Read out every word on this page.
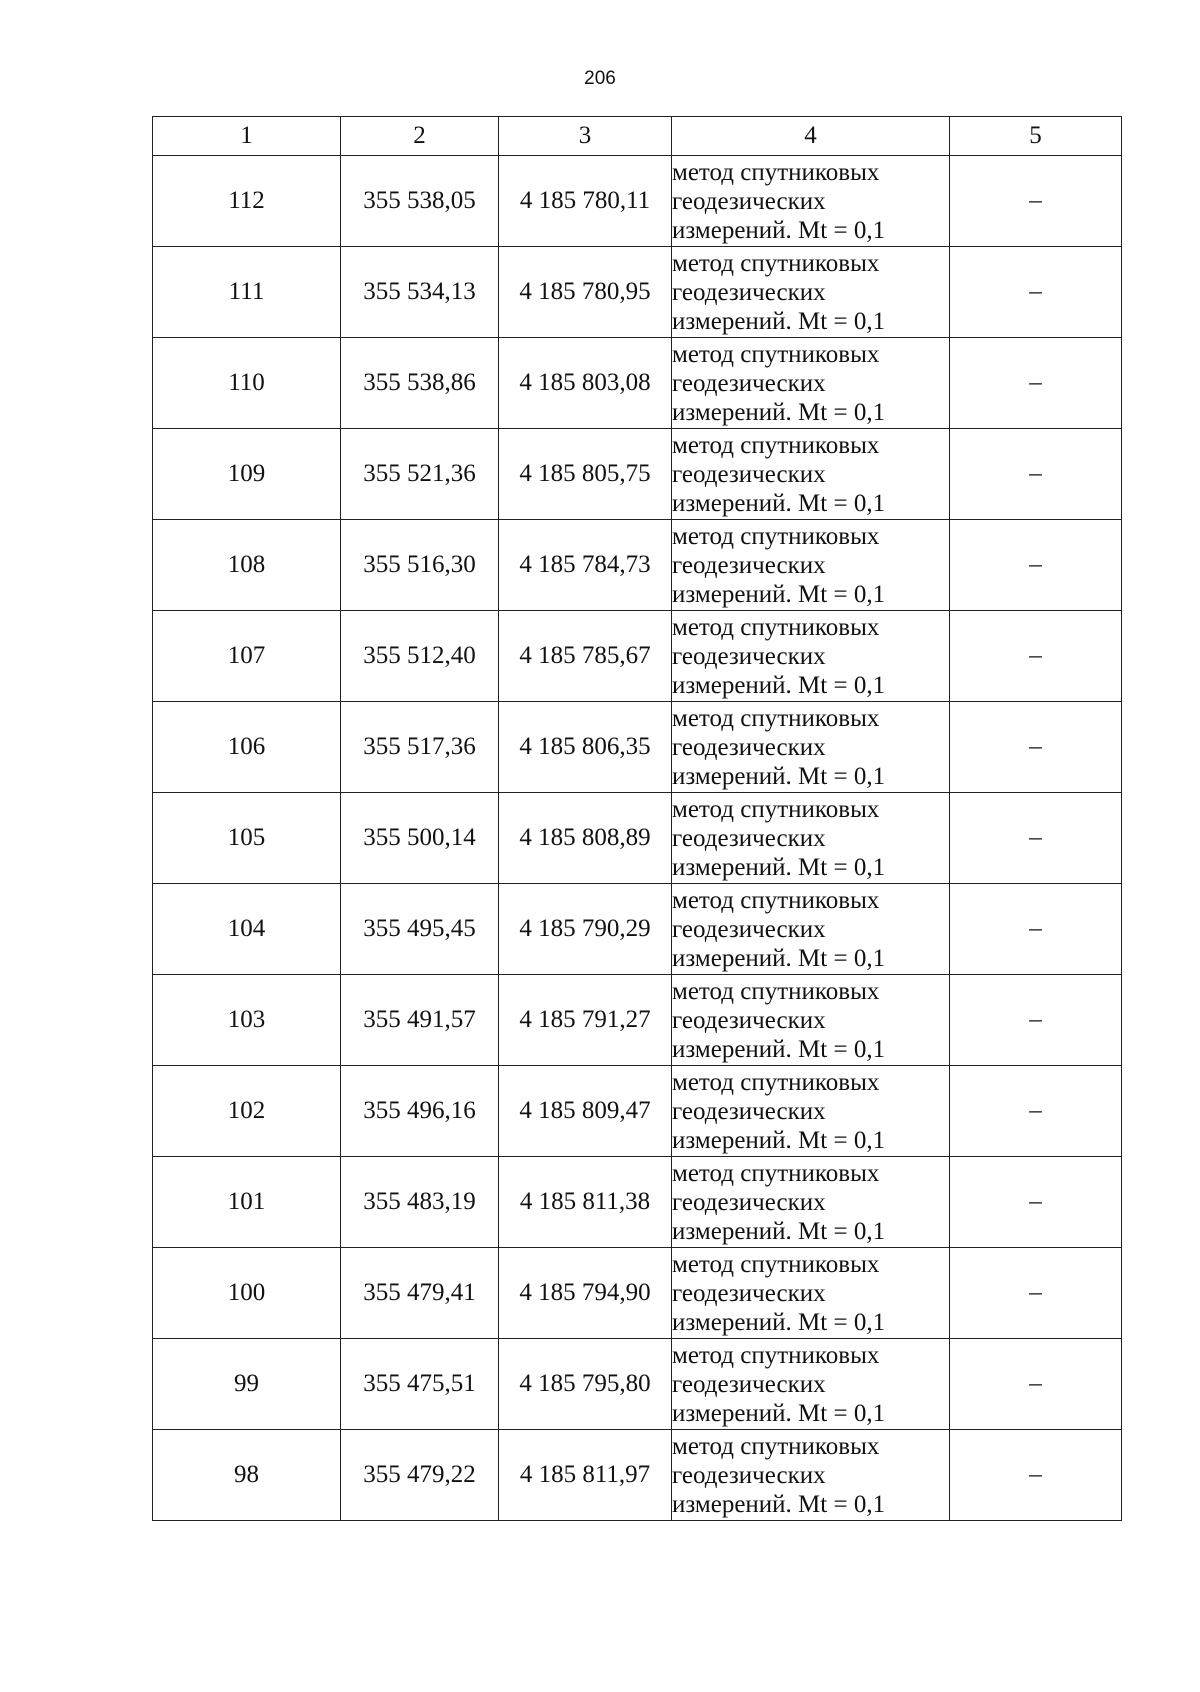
206
1	2	3	4	5
112	355 538,05	4 185 780,11	метод спутниковых
геодезических
измерений. Mt = 0,1	–
111	355 534,13	4 185 780,95	метод спутниковых
геодезических
измерений. Mt = 0,1	–
110	355 538,86	4 185 803,08	метод спутниковых
геодезических
измерений. Mt = 0,1	–
109	355 521,36	4 185 805,75	метод спутниковых
геодезических
измерений. Mt = 0,1	–
108	355 516,30	4 185 784,73	метод спутниковых
геодезических
измерений. Mt = 0,1	–
107	355 512,40	4 185 785,67	метод спутниковых
геодезических
измерений. Mt = 0,1	–
106	355 517,36	4 185 806,35	метод спутниковых
геодезических
измерений. Mt = 0,1	–
105	355 500,14	4 185 808,89	метод спутниковых
геодезических
измерений. Mt = 0,1	–
104	355 495,45	4 185 790,29	метод спутниковых
геодезических
измерений. Mt = 0,1	–
103	355 491,57	4 185 791,27	метод спутниковых
геодезических
измерений. Mt = 0,1	–
102	355 496,16	4 185 809,47	метод спутниковых
геодезических
измерений. Mt = 0,1	–
101	355 483,19	4 185 811,38	метод спутниковых
геодезических
измерений. Mt = 0,1	–
100	355 479,41	4 185 794,90	метод спутниковых
геодезических
измерений. Mt = 0,1	–
99	355 475,51	4 185 795,80	метод спутниковых
геодезических
измерений. Mt = 0,1	–
98	355 479,22	4 185 811,97	метод спутниковых
геодезических
измерений. Mt = 0,1	–
